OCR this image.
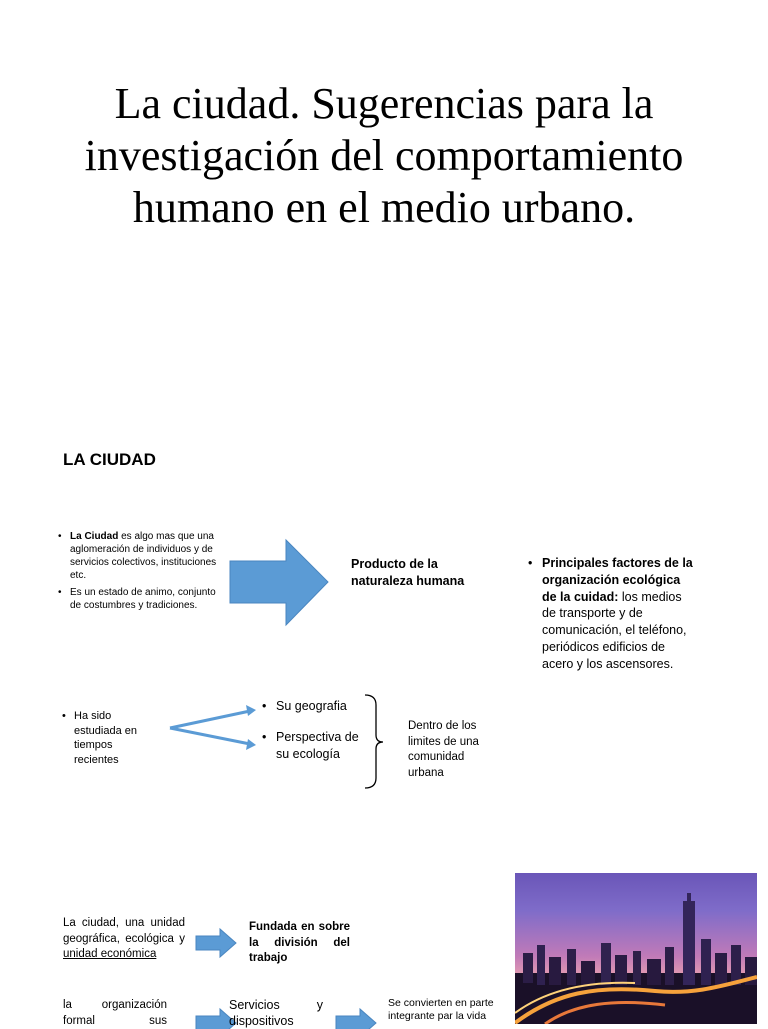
La ciudad. Sugerencias para la investigación del comportamiento humano en el medio urbano.
LA CIUDAD
• La Ciudad es algo mas que una aglomeración de individuos y de servicios colectivos, instituciones etc.
• Es un estado de animo, conjunto de costumbres y tradiciones.
Producto de la naturaleza humana
• Principales factores de la organización ecológica de la cuidad: los medios de transporte y de comunicación, el teléfono, periódicos edificios de acero y los ascensores.
• Ha sido estudiada en tiempos recientes
• Su geografia
• Perspectiva de su ecología
Dentro de los limites de una comunidad urbana
La ciudad, una unidad geográfica, ecológica y unidad económica
Fundada en sobre la división del trabajo
la organización formal sus
Servicios y dispositivos
Se convierten en parte integrante par la vida
